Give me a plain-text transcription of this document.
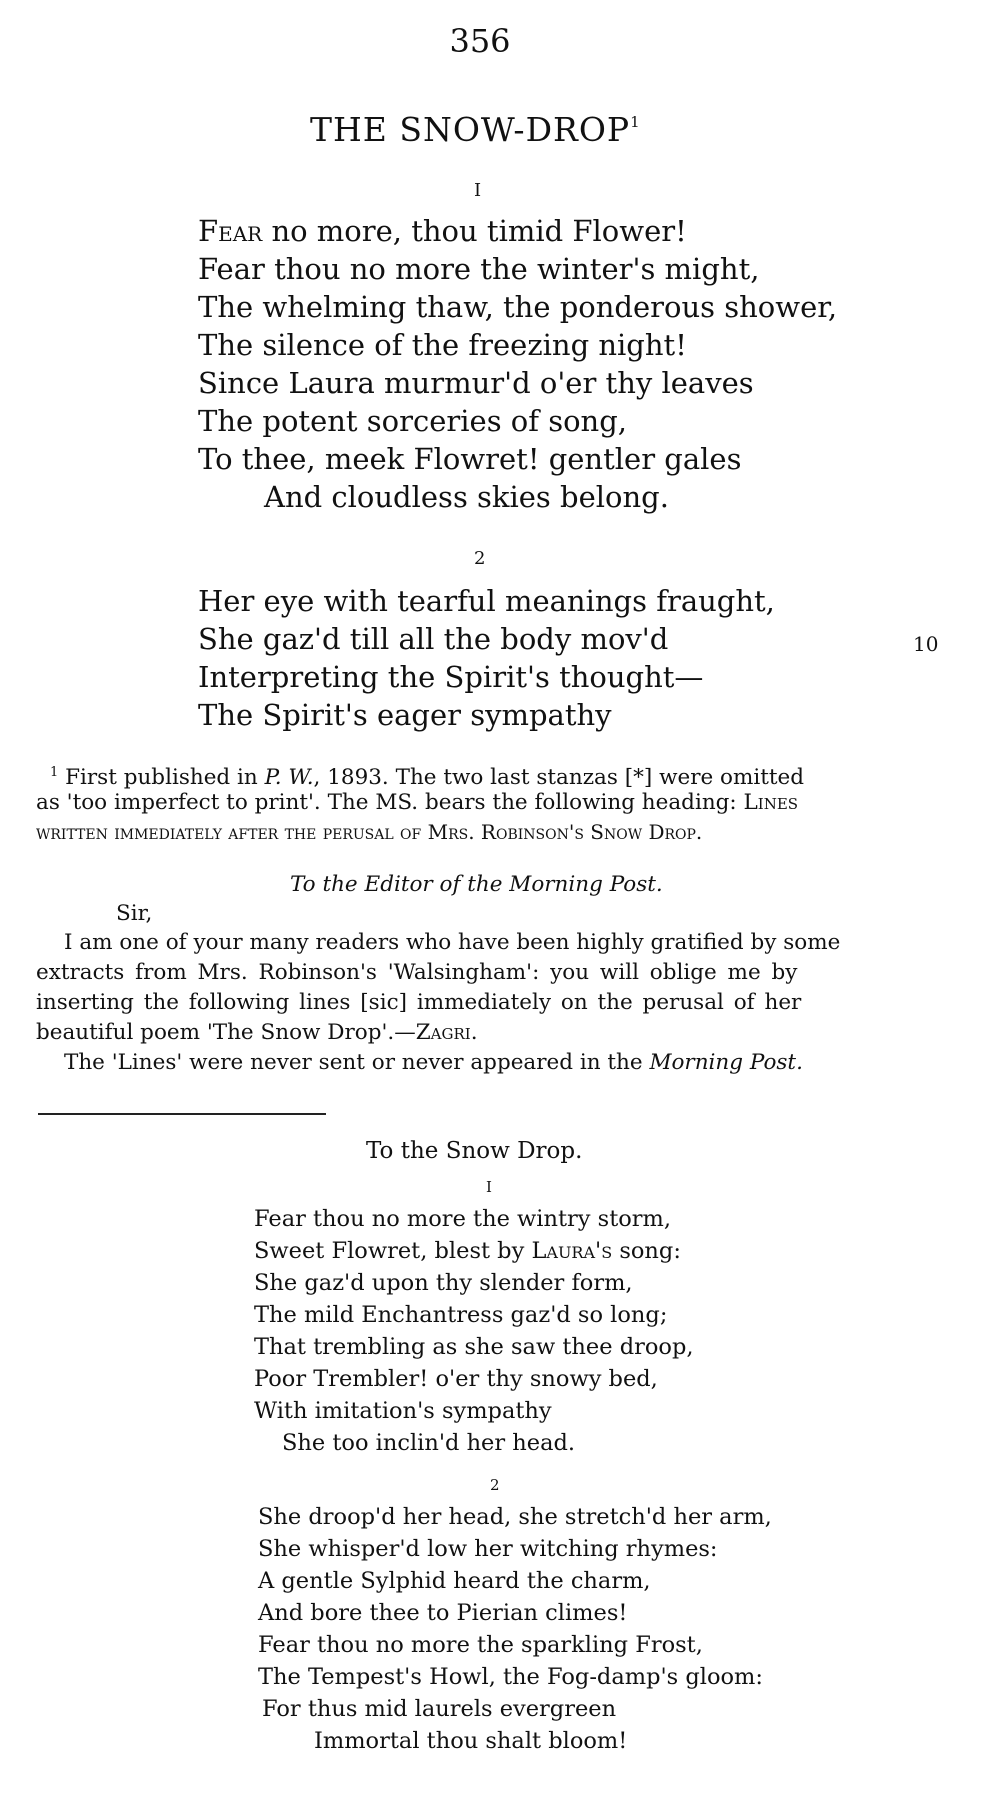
356
THE SNOW-DROP$^1$
I
Fear no more, thou timid Flower!
Fear thou no more the winter's might,
The whelming thaw, the ponderous shower,
The silence of the freezing night!
Since Laura murmur'd o'er thy leaves
The potent sorceries of song,
To thee, meek Flowret! gentler gales
And cloudless skies belong.
2
Her eye with tearful meanings fraught,
She gaz'd till all the body mov'd	10
Interpreting the Spirit's thought—
The Spirit's eager sympathy
$^1$ First published in P. W., 1893. The two last stanzas [*] were omitted
as 'too imperfect to print'. The MS. bears the following heading: Lines
written immediately after the perusal of Mrs. Robinson's Snow Drop.
To the Editor of the Morning Post.
Sir,
I am one of your many readers who have been highly gratified by some
extracts from Mrs. Robinson's 'Walsingham': you will oblige me by
inserting the following lines [sic] immediately on the perusal of her
beautiful poem 'The Snow Drop'.—Zagri.
The 'Lines' were never sent or never appeared in the Morning Post.
To the Snow Drop.
I
Fear thou no more the wintry storm,
Sweet Flowret, blest by Laura's song:
She gaz'd upon thy slender form,
The mild Enchantress gaz'd so long;
That trembling as she saw thee droop,
Poor Trembler! o'er thy snowy bed,
With imitation's sympathy
She too inclin'd her head.
2
She droop'd her head, she stretch'd her arm,
She whisper'd low her witching rhymes:
A gentle Sylphid heard the charm,
And bore thee to Pierian climes!
Fear thou no more the sparkling Frost,
The Tempest's Howl, the Fog-damp's gloom:
For thus mid laurels evergreen
Immortal thou shalt bloom!
